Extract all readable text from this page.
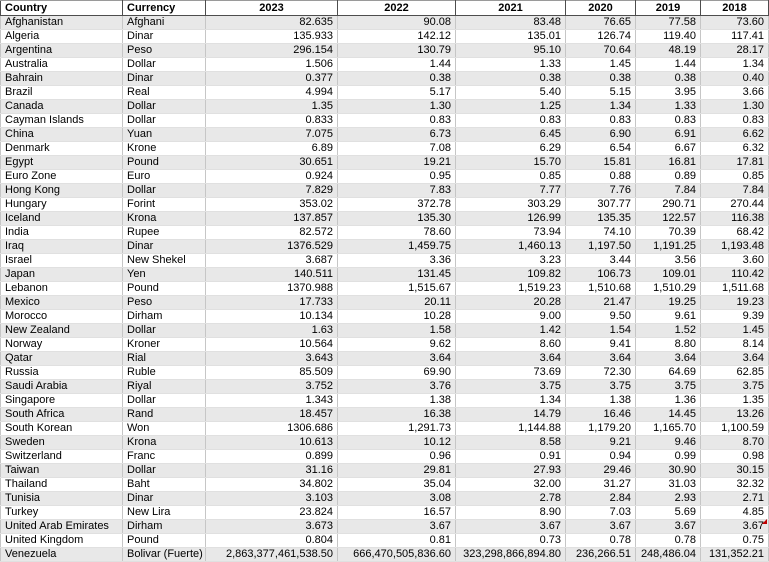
Country	Currency	2023	2022	2021	2020	2019	2018
Afghanistan	Afghani	82.635	90.08	83.48	76.65	77.58	73.60
Algeria	Dinar	135.933	142.12	135.01	126.74	119.40	117.41
Argentina	Peso	296.154	130.79	95.10	70.64	48.19	28.17
Australia	Dollar	1.506	1.44	1.33	1.45	1.44	1.34
Bahrain	Dinar	0.377	0.38	0.38	0.38	0.38	0.40
Brazil	Real	4.994	5.17	5.40	5.15	3.95	3.66
Canada	Dollar	1.35	1.30	1.25	1.34	1.33	1.30
Cayman Islands	Dollar	0.833	0.83	0.83	0.83	0.83	0.83
China	Yuan	7.075	6.73	6.45	6.90	6.91	6.62
Denmark	Krone	6.89	7.08	6.29	6.54	6.67	6.32
Egypt	Pound	30.651	19.21	15.70	15.81	16.81	17.81
Euro Zone	Euro	0.924	0.95	0.85	0.88	0.89	0.85
Hong Kong	Dollar	7.829	7.83	7.77	7.76	7.84	7.84
Hungary	Forint	353.02	372.78	303.29	307.77	290.71	270.44
Iceland	Krona	137.857	135.30	126.99	135.35	122.57	116.38
India	Rupee	82.572	78.60	73.94	74.10	70.39	68.42
Iraq	Dinar	1376.529	1,459.75	1,460.13	1,197.50	1,191.25	1,193.48
Israel	New Shekel	3.687	3.36	3.23	3.44	3.56	3.60
Japan	Yen	140.511	131.45	109.82	106.73	109.01	110.42
Lebanon	Pound	1370.988	1,515.67	1,519.23	1,510.68	1,510.29	1,511.68
Mexico	Peso	17.733	20.11	20.28	21.47	19.25	19.23
Morocco	Dirham	10.134	10.28	9.00	9.50	9.61	9.39
New Zealand	Dollar	1.63	1.58	1.42	1.54	1.52	1.45
Norway	Kroner	10.564	9.62	8.60	9.41	8.80	8.14
Qatar	Rial	3.643	3.64	3.64	3.64	3.64	3.64
Russia	Ruble	85.509	69.90	73.69	72.30	64.69	62.85
Saudi Arabia	Riyal	3.752	3.76	3.75	3.75	3.75	3.75
Singapore	Dollar	1.343	1.38	1.34	1.38	1.36	1.35
South Africa	Rand	18.457	16.38	14.79	16.46	14.45	13.26
South Korean	Won	1306.686	1,291.73	1,144.88	1,179.20	1,165.70	1,100.59
Sweden	Krona	10.613	10.12	8.58	9.21	9.46	8.70
Switzerland	Franc	0.899	0.96	0.91	0.94	0.99	0.98
Taiwan	Dollar	31.16	29.81	27.93	29.46	30.90	30.15
Thailand	Baht	34.802	35.04	32.00	31.27	31.03	32.32
Tunisia	Dinar	3.103	3.08	2.78	2.84	2.93	2.71
Turkey	New Lira	23.824	16.57	8.90	7.03	5.69	4.85
United Arab Emirates	Dirham	3.673	3.67	3.67	3.67	3.67	3.67
United Kingdom	Pound	0.804	0.81	0.73	0.78	0.78	0.75
Venezuela	Bolivar (Fuerte)	2,863,377,461,538.50	666,470,505,836.60	323,298,866,894.80	236,266.51	248,486.04	131,352.21
